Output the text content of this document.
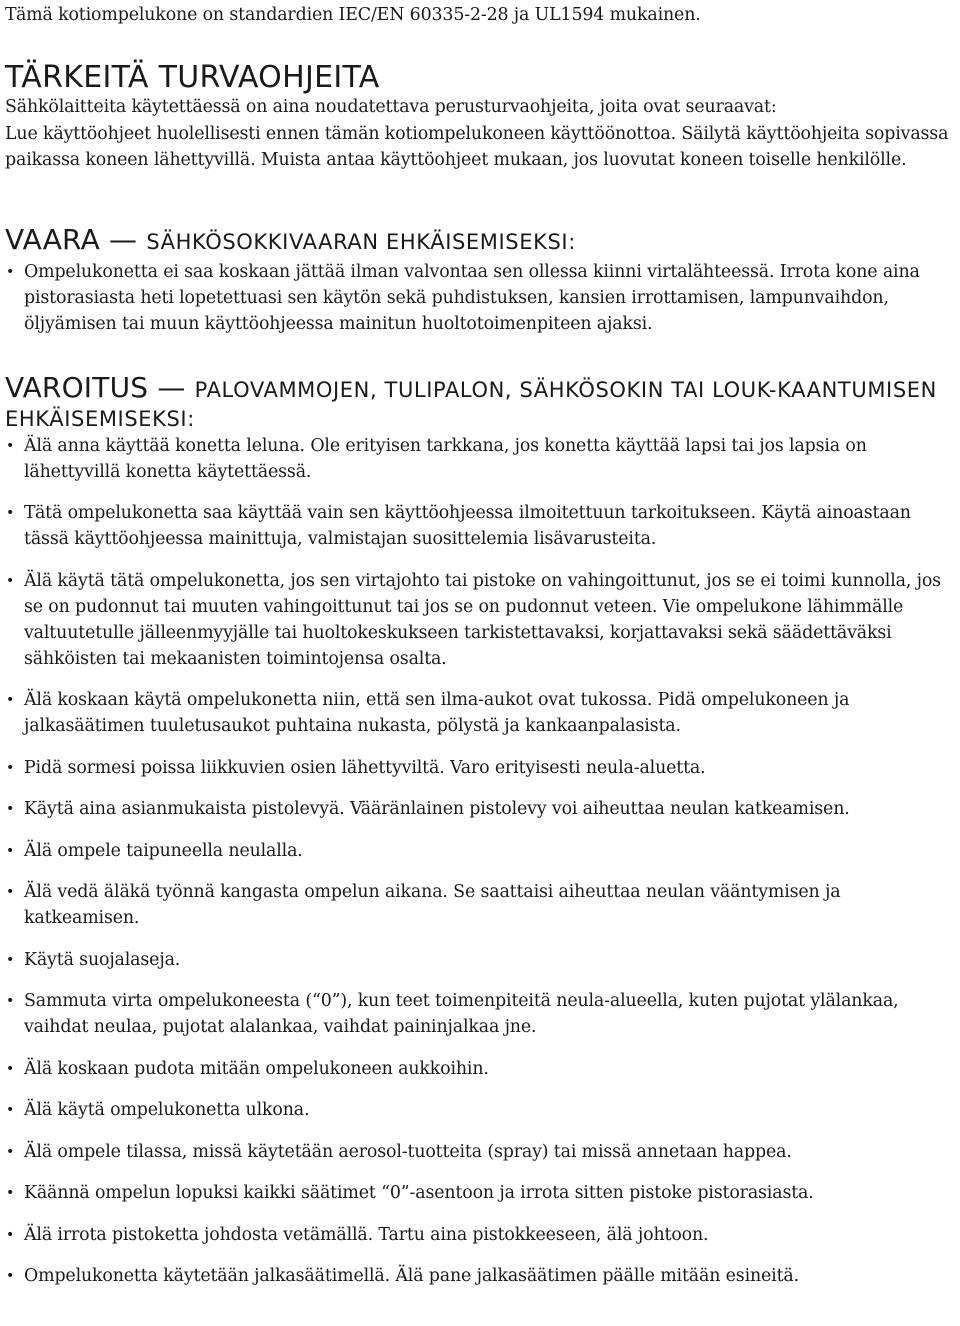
Tämä kotiompelukone on standardien IEC/EN 60335-2-28 ja UL1594 mukainen.

TÄRKEITÄ TURVAOHJEITA

Sähkölaitteita käytettäessä on aina noudatettava perusturvaohjeita, joita ovat seuraavat:

Lue käyttöohjeet huolellisesti ennen tämän kotiompelukoneen käyttöönottoa. Säilytä käyttöohjeita sopivassa paikassa koneen lähettyvillä. Muista antaa käyttöohjeet mukaan, jos luovutat koneen toiselle henkilölle.

VAARA — SÄHKÖSOKKIVAARAN EHKÄISEMISEKSI:
• Ompelukonetta ei saa koskaan jättää ilman valvontaa sen ollessa kiinni virtalähteessä. Irrota kone aina pistorasiasta heti lopetettuasi sen käytön sekä puhdistuksen, kansien irrottamisen, lampunvaihdon, öljyämisen tai muun käyttöohjeessa mainitun huoltotoimenpiteen ajaksi.
VAROITUS — PALOVAMMOJEN, TULIPALON, SÄHKÖSOKIN TAI LOUK-KAANTUMISEN EHKÄISEMISEKSI:
• Älä anna käyttää konetta leluna. Ole erityisen tarkkana, jos konetta käyttää lapsi tai jos lapsia on lähettyvillä konetta käytettäessä.
• Tätä ompelukonetta saa käyttää vain sen käyttöohjeessa ilmoitettuun tarkoitukseen. Käytä ainoastaan tässä käyttöohjeessa mainittuja, valmistajan suosittelemia lisävarusteita.
• Älä käytä tätä ompelukonetta, jos sen virtajohto tai pistoke on vahingoittunut, jos se ei toimi kunnolla, jos se on pudonnut tai muuten vahingoittunut tai jos se on pudonnut veteen. Vie ompelukone lähimmälle valtuutetulle jälleenmyyjälle tai huoltokeskukseen tarkistettavaksi, korjattavaksi sekä säädettäväksi sähköisten tai mekaanisten toimintojensa osalta.
• Älä koskaan käytä ompelukonetta niin, että sen ilma-aukot ovat tukossa. Pidä ompelukoneen ja jalkasäätimen tuuletusaukot puhtaina nukasta, pölystä ja kankaanpalasista.
• Pidä sormesi poissa liikkuvien osien lähettyviltä. Varo erityisesti neula-aluetta.
• Käytä aina asianmukaista pistolevyä. Vääränlainen pistolevy voi aiheuttaa neulan katkeamisen.
• Älä ompele taipuneella neulalla.
• Älä vedä äläkä työnnä kangasta ompelun aikana. Se saattaisi aiheuttaa neulan vääntymisen ja katkeamisen.
• Käytä suojalaseja.
• Sammuta virta ompelukoneesta (“0”), kun teet toimenpiteitä neula-alueella, kuten pujotat ylälankaa, vaihdat neulaa, pujotat alalankaa, vaihdat paininjalkaa jne.
• Älä koskaan pudota mitään ompelukoneen aukkoihin.
• Älä käytä ompelukonetta ulkona.
• Älä ompele tilassa, missä käytetään aerosol-tuotteita (spray) tai missä annetaan happea.
• Käännä ompelun lopuksi kaikki säätimet “0”-asentoon ja irrota sitten pistoke pistorasiasta.
• Älä irrota pistoketta johdosta vetämällä. Tartu aina pistokkeeseen, älä johtoon.
• Ompelukonetta käytetään jalkasäätimellä. Älä pane jalkasäätimen päälle mitään esineitä.
